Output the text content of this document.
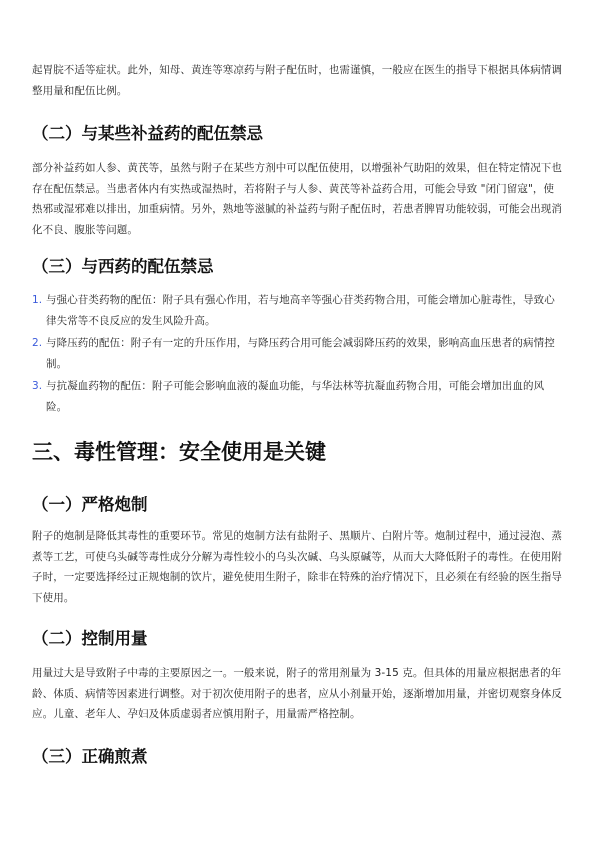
起胃脘不适等症状。此外，知母、黄连等寒凉药与附子配伍时，也需谨慎，一般应在医生的指导下根据具体病情调整用量和配伍比例。

（二）与某些补益药的配伍禁忌

部分补益药如人参、黄芪等，虽然与附子在某些方剂中可以配伍使用，以增强补气助阳的效果，但在特定情况下也存在配伍禁忌。当患者体内有实热或湿热时，若将附子与人参、黄芪等补益药合用，可能会导致 "闭门留寇"，使热邪或湿邪难以排出，加重病情。另外，熟地等滋腻的补益药与附子配伍时，若患者脾胃功能较弱，可能会出现消化不良、腹胀等问题。

（三）与西药的配伍禁忌
1. 与强心苷类药物的配伍：附子具有强心作用，若与地高辛等强心苷类药物合用，可能会增加心脏毒性，导致心律失常等不良反应的发生风险升高。
2. 与降压药的配伍：附子有一定的升压作用，与降压药合用可能会减弱降压药的效果，影响高血压患者的病情控制。
3. 与抗凝血药物的配伍：附子可能会影响血液的凝血功能，与华法林等抗凝血药物合用，可能会增加出血的风险。
三、毒性管理：安全使用是关键
（一）严格炮制

附子的炮制是降低其毒性的重要环节。常见的炮制方法有盐附子、黑顺片、白附片等。炮制过程中，通过浸泡、蒸煮等工艺，可使乌头碱等毒性成分分解为毒性较小的乌头次碱、乌头原碱等，从而大大降低附子的毒性。在使用附子时，一定要选择经过正规炮制的饮片，避免使用生附子，除非在特殊的治疗情况下，且必须在有经验的医生指导下使用。

（二）控制用量

用量过大是导致附子中毒的主要原因之一。一般来说，附子的常用剂量为 3-15 克。但具体的用量应根据患者的年龄、体质、病情等因素进行调整。对于初次使用附子的患者，应从小剂量开始，逐渐增加用量，并密切观察身体反应。儿童、老年人、孕妇及体质虚弱者应慎用附子，用量需严格控制。

（三）正确煎煮
